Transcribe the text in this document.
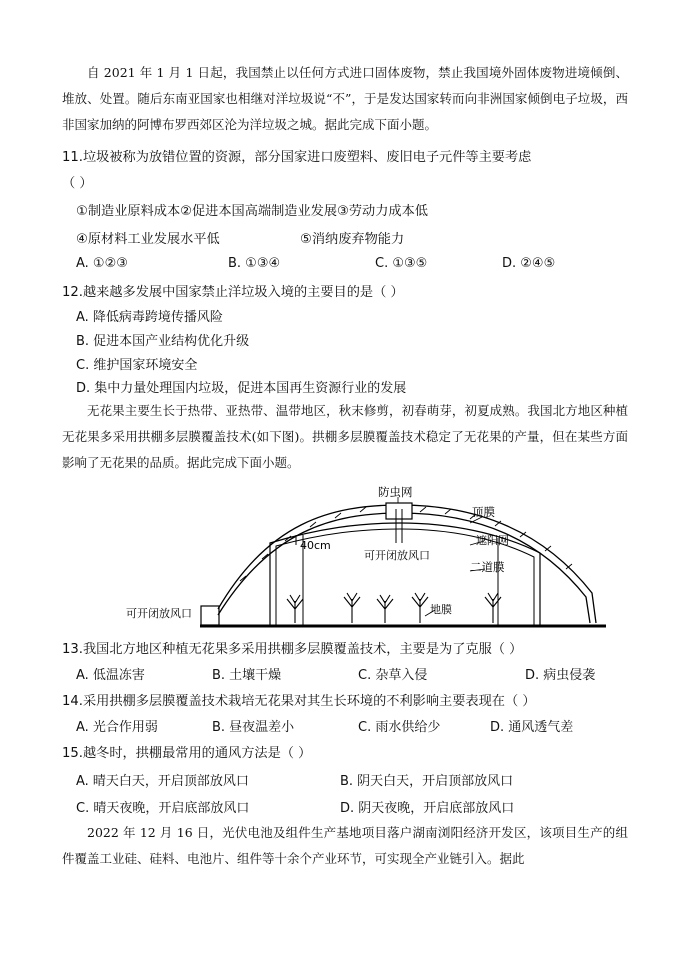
自 2021 年 1 月 1 日起，我国禁止以任何方式进口固体废物，禁止我国境外固体废物进境倾倒、堆放、处置。随后东南亚国家也相继对洋垃圾说“不”，于是发达国家转而向非洲国家倾倒电子垃圾，西非国家加纳的阿博布罗西郊区沦为洋垃圾之城。据此完成下面小题。
11.垃圾被称为放错位置的资源，部分国家进口废塑料、废旧电子元件等主要考虑
（ ）
①制造业原料成本②促进本国高端制造业发展③劳动力成本低
④原材料工业发展水平低	⑤消纳废弃物能力
A. ①②③	B. ①③④	C. ①③⑤	D. ②④⑤
12.越来越多发展中国家禁止洋垃圾入境的主要目的是（ ）
A. 降低病毒跨境传播风险
B. 促进本国产业结构优化升级
C. 维护国家环境安全
D. 集中力量处理国内垃圾，促进本国再生资源行业的发展
无花果主要生长于热带、亚热带、温带地区，秋末修剪，初春萌芽，初夏成熟。我国北方地区种植无花果多采用拱棚多层膜覆盖技术(如下图)。拱棚多层膜覆盖技术稳定了无花果的产量，但在某些方面影响了无花果的品质。据此完成下面小题。
防虫网
顶膜
遮阳网
二道膜
40cm
可开闭放风口
可开闭放风口	地膜
13.我国北方地区种植无花果多采用拱棚多层膜覆盖技术，主要是为了克服（ ）
A. 低温冻害	B. 土壤干燥	C. 杂草入侵	D. 病虫侵袭
14.采用拱棚多层膜覆盖技术栽培无花果对其生长环境的不利影响主要表现在（ ）
A. 光合作用弱	B. 昼夜温差小	C. 雨水供给少	D. 通风透气差
15.越冬时，拱棚最常用的通风方法是（ ）
A. 晴天白天，开启顶部放风口	B. 阴天白天，开启顶部放风口
C. 晴天夜晚，开启底部放风口	D. 阴天夜晚，开启底部放风口
2022 年 12 月 16 日，光伏电池及组件生产基地项目落户湖南浏阳经济开发区，该项目生产的组件覆盖工业硅、硅料、电池片、组件等十余个产业环节，可实现全产业链引入。据此
